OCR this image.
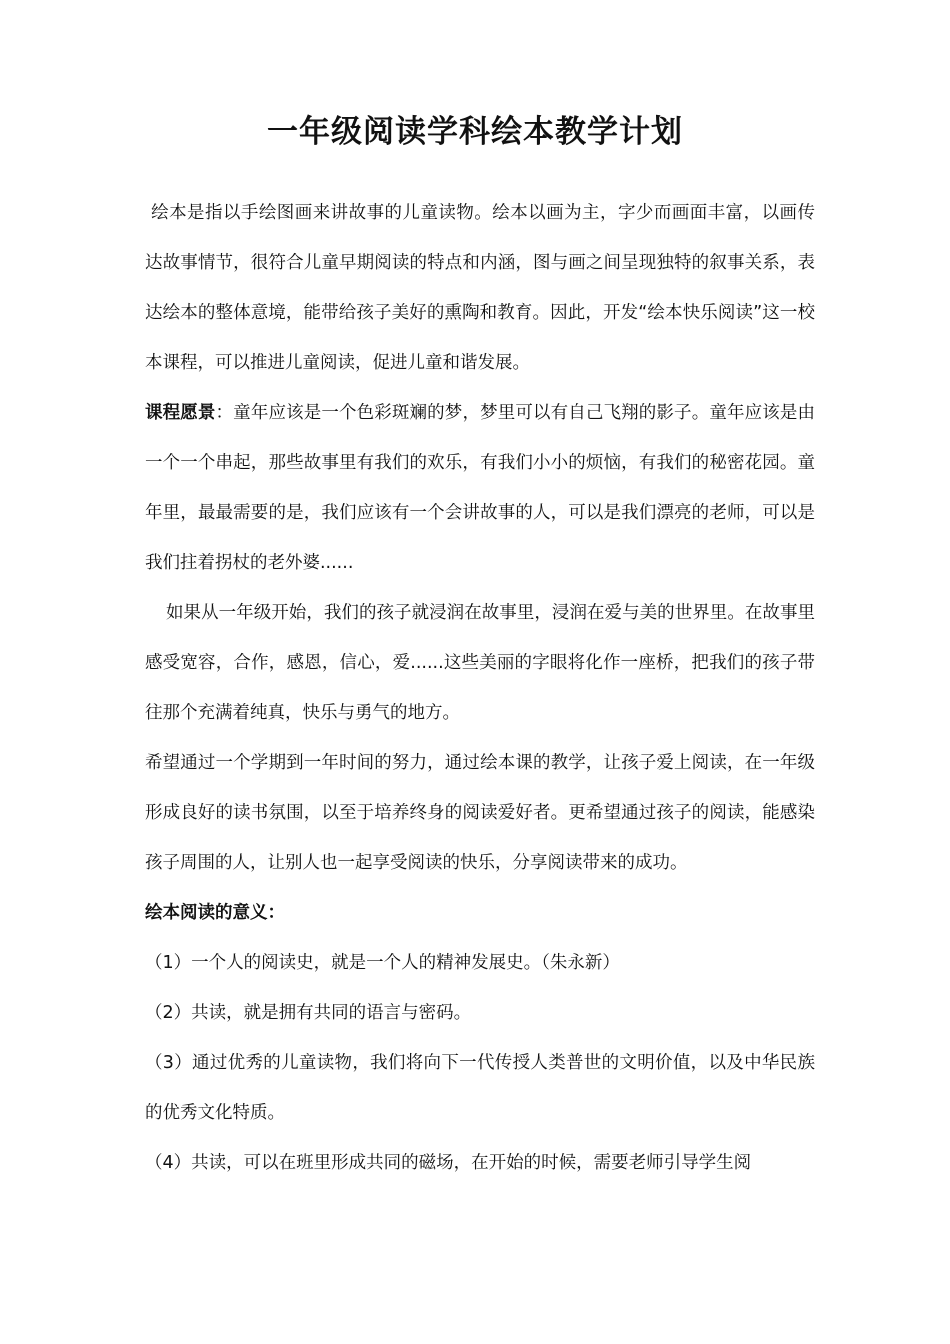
一年级阅读学科绘本教学计划

绘本是指以手绘图画来讲故事的儿童读物。绘本以画为主，字少而画面丰富，以画传达故事情节，很符合儿童早期阅读的特点和内涵，图与画之间呈现独特的叙事关系，表达绘本的整体意境，能带给孩子美好的熏陶和教育。因此，开发“绘本快乐阅读”这一校本课程，可以推进儿童阅读，促进儿童和谐发展。

课程愿景：童年应该是一个色彩斑斓的梦，梦里可以有自己飞翔的影子。童年应该是由一个一个串起，那些故事里有我们的欢乐，有我们小小的烦恼，有我们的秘密花园。童年里，最最需要的是，我们应该有一个会讲故事的人，可以是我们漂亮的老师，可以是我们拄着拐杖的老外婆......

如果从一年级开始，我们的孩子就浸润在故事里，浸润在爱与美的世界里。在故事里感受宽容，合作，感恩，信心，爱......这些美丽的字眼将化作一座桥，把我们的孩子带往那个充满着纯真，快乐与勇气的地方。

希望通过一个学期到一年时间的努力，通过绘本课的教学，让孩子爱上阅读，在一年级形成良好的读书氛围，以至于培养终身的阅读爱好者。更希望通过孩子的阅读，能感染孩子周围的人，让别人也一起享受阅读的快乐，分享阅读带来的成功。

绘本阅读的意义：

（1）一个人的阅读史，就是一个人的精神发展史。（朱永新）

（2）共读，就是拥有共同的语言与密码。

（3）通过优秀的儿童读物，我们将向下一代传授人类普世的文明价值，以及中华民族的优秀文化特质。

（4）共读，可以在班里形成共同的磁场，在开始的时候，需要老师引导学生阅
